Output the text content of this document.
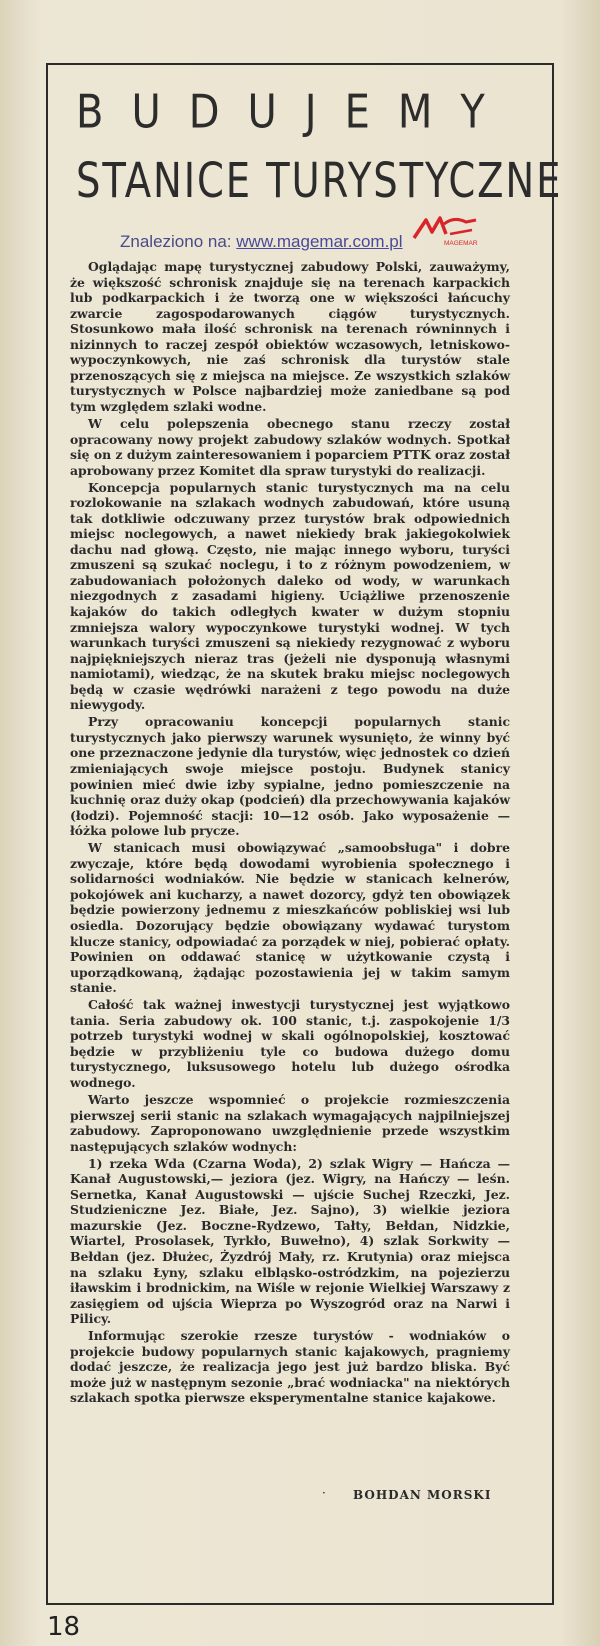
BUDUJEMY
STANICE TURYSTYCZNE
Znaleziono na: www.magemar.com.pl	MAGEMAR

Oglądając mapę turystycznej zabudowy Polski, zauważymy, że większość schronisk znajduje się na terenach karpackich lub podkarpackich i że tworzą one w większości łańcuchy zwarcie zagospodarowanych ciągów turystycznych. Stosunkowo mała ilość schronisk na terenach równinnych i nizinnych to raczej zespół obiektów wczasowych, letniskowo-wypoczynkowych, nie zaś schronisk dla turystów stale przenoszących się z miejsca na miejsce. Ze wszystkich szlaków turystycznych w Polsce najbardziej może zaniedbane są pod tym względem szlaki wodne.

W celu polepszenia obecnego stanu rzeczy został opracowany nowy projekt zabudowy szlaków wodnych. Spotkał się on z dużym zainteresowaniem i poparciem PTTK oraz został aprobowany przez Komitet dla spraw turystyki do realizacji.

Koncepcja popularnych stanic turystycznych ma na celu rozlokowanie na szlakach wodnych zabudowań, które usuną tak dotkliwie odczuwany przez turystów brak odpowiednich miejsc noclegowych, a nawet niekiedy brak jakiegokolwiek dachu nad głową. Często, nie mając innego wyboru, turyści zmuszeni są szukać noclegu, i to z różnym powodzeniem, w zabudowaniach położonych daleko od wody, w warunkach niezgodnych z zasadami higieny. Uciążliwe przenoszenie kajaków do takich odległych kwater w dużym stopniu zmniejsza walory wypoczynkowe turystyki wodnej. W tych warunkach turyści zmuszeni są niekiedy rezygnować z wyboru najpiękniejszych nieraz tras (jeżeli nie dysponują własnymi namiotami), wiedząc, że na skutek braku miejsc noclegowych będą w czasie wędrówki narażeni z tego powodu na duże niewygody.

Przy opracowaniu koncepcji popularnych stanic turystycznych jako pierwszy warunek wysunięto, że winny być one przeznaczone jedynie dla turystów, więc jednostek co dzień zmieniających swoje miejsce postoju. Budynek stanicy powinien mieć dwie izby sypialne, jedno pomieszczenie na kuchnię oraz duży okap (podcień) dla przechowywania kajaków (łodzi). Pojemność stacji: 10—12 osób. Jako wyposażenie — łóżka polowe lub prycze.

W stanicach musi obowiązywać „samoobsługa" i dobre zwyczaje, które będą dowodami wyrobienia społecznego i solidarności wodniaków. Nie będzie w stanicach kelnerów, pokojówek ani kucharzy, a nawet dozorcy, gdyż ten obowiązek będzie powierzony jednemu z mieszkańców pobliskiej wsi lub osiedla. Dozorujący będzie obowiązany wydawać turystom klucze stanicy, odpowiadać za porządek w niej, pobierać opłaty. Powinien on oddawać stanicę w użytkowanie czystą i uporządkowaną, żądając pozostawienia jej w takim samym stanie.

Całość tak ważnej inwestycji turystycznej jest wyjątkowo tania. Seria zabudowy ok. 100 stanic, t.j. zaspokojenie 1/3 potrzeb turystyki wodnej w skali ogólnopolskiej, kosztować będzie w przybliżeniu tyle co budowa dużego domu turystycznego, luksusowego hotelu lub dużego ośrodka wodnego.

Warto jeszcze wspomnieć o projekcie rozmieszczenia pierwszej serii stanic na szlakach wymagających najpilniejszej zabudowy. Zaproponowano uwzględnienie przede wszystkim następujących szlaków wodnych:

1) rzeka Wda (Czarna Woda), 2) szlak Wigry — Hańcza — Kanał Augustowski,— jeziora (jez. Wigry, na Hańczy — leśn. Sernetka, Kanał Augustowski — ujście Suchej Rzeczki, Jez. Studzieniczne Jez. Białe, Jez. Sajno), 3) wielkie jeziora mazurskie (Jez. Boczne-Rydzewo, Tałty, Bełdan, Nidzkie, Wiartel, Prosolasek, Tyrkło, Buwełno), 4) szlak Sorkwity — Bełdan (jez. Dłużec, Żyzdrój Mały, rz. Krutynia) oraz miejsca na szlaku Łyny, szlaku elbląsko-ostródzkim, na pojezierzu iławskim i brodnickim, na Wiśle w rejonie Wielkiej Warszawy z zasięgiem od ujścia Wieprza po Wyszogród oraz na Narwi i Pilicy.

Informując szerokie rzesze turystów - wodniaków o projekcie budowy popularnych stanic kajakowych, pragniemy dodać jeszcze, że realizacja jego jest już bardzo bliska. Być może już w następnym sezonie „brać wodniacka" na niektórych szlakach spotka pierwsze eksperymentalne stanice kajakowe.

· BOHDAN MORSKI
18
